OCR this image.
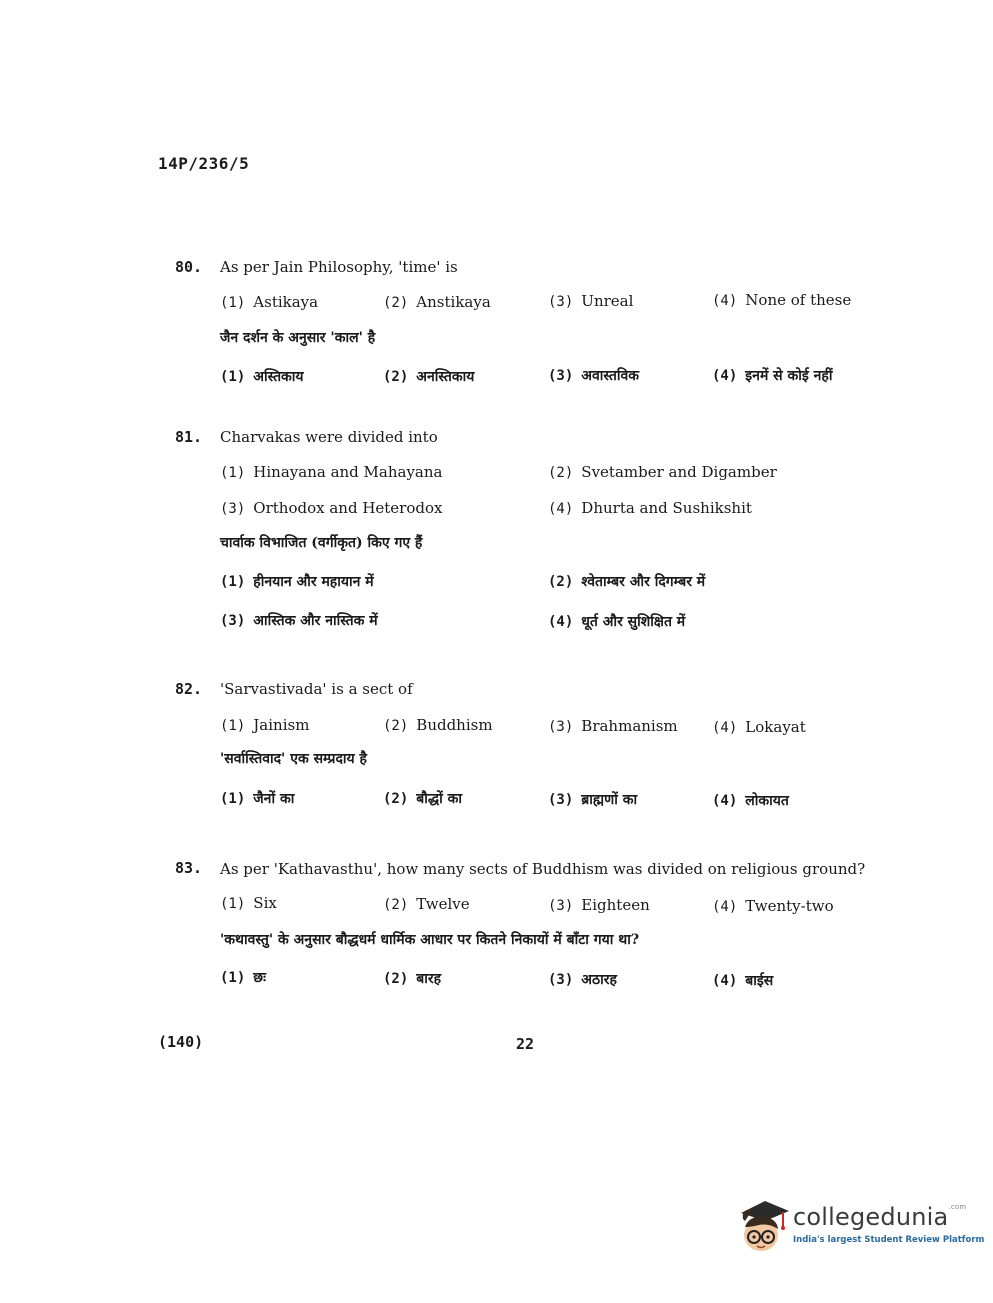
14P/236/5
80. As per Jain Philosophy, 'time' is
(1) Astikaya	(2) Anstikaya	(3) Unreal	(4) None of these
जैन दर्शन के अनुसार 'काल' है
(1) अस्तिकाय	(2) अनस्तिकाय	(3) अवास्तविक	(4) इनमें से कोई नहीं
81. Charvakas were divided into
(1) Hinayana and Mahayana	(2) Svetamber and Digamber
(3) Orthodox and Heterodox	(4) Dhurta and Sushikshit
चार्वाक विभाजित (वर्गीकृत) किए गए हैं
(1) हीनयान और महायान में	(2) श्वेताम्बर और दिगम्बर में
(3) आस्तिक और नास्तिक में	(4) धूर्त और सुशिक्षित में
82. 'Sarvastivada' is a sect of
(1) Jainism	(2) Buddhism	(3) Brahmanism (4) Lokayat
'सर्वास्तिवाद' एक सम्प्रदाय है
(1) जैनों का	(2) बौद्धों का	(3) ब्राह्मणों का	(4) लोकायत
83. As per 'Kathavasthu', how many sects of Buddhism was divided on religious ground?
(1) Six	(2) Twelve	(3) Eighteen	(4) Twenty-two
'कथावस्तु' के अनुसार बौद्धधर्म धार्मिक आधार पर कितने निकायों में बाँटा गया था?
(1) छः	(2) बारह	(3) अठारह	(4) बाईस
(140)	22
collegedunia$^{.com}$
India's largest Student Review Platform
